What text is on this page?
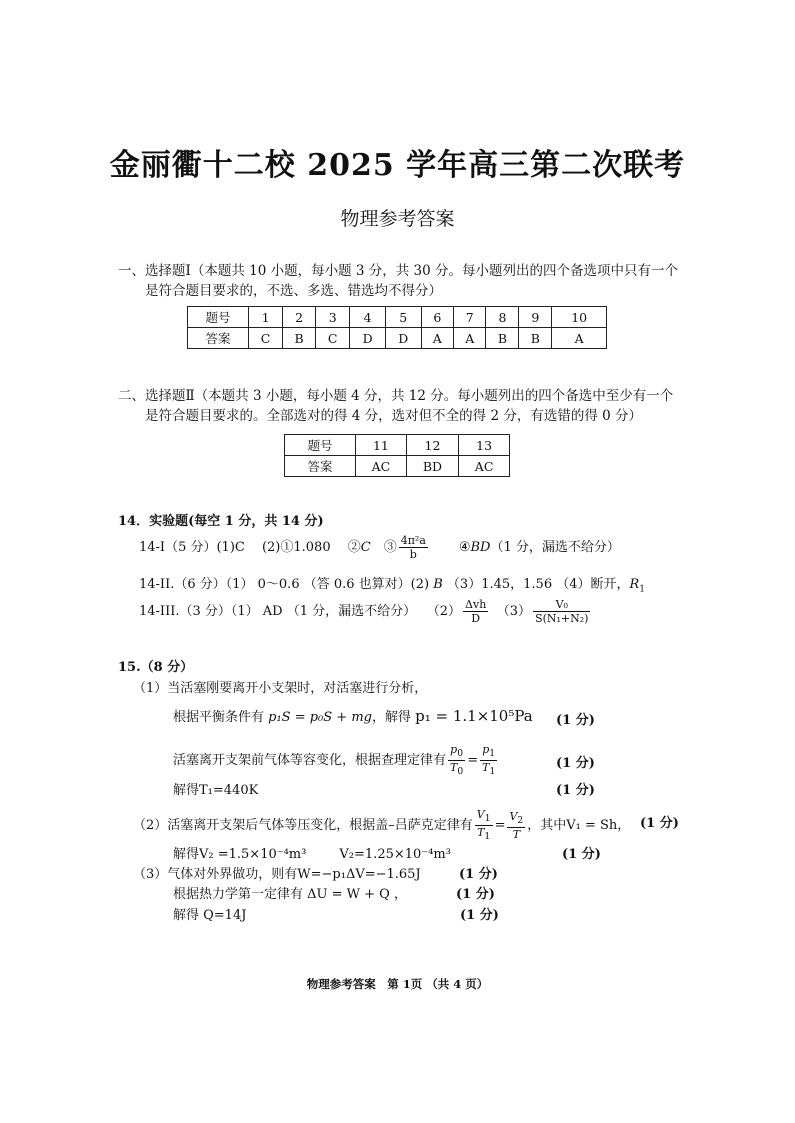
金丽衢十二校 2025 学年高三第二次联考
物理参考答案
一、选择题Ⅰ（本题共 10 小题，每小题 3 分，共 30 分。每小题列出的四个备选项中只有一个
是符合题目要求的，不选、多选、错选均不得分）
题号	1	2	3	4	5	6	7	8	9	10
答案	C	B	C	D	D	A	A	B	B	A
二、选择题Ⅱ（本题共 3 小题，每小题 4 分，共 12 分。每小题列出的四个备选中至少有一个
是符合题目要求的。全部选对的得 4 分，选对但不全的得 2 分，有选错的得 0 分）
题号	11	12	13
答案	AC	BD	AC
14．实验题(每空 1 分，共 14 分)
14-I（5 分）(1)C　 (2)①1.080　 ②C　③ $\frac{\text{4π²a}}{b}$ ④BD（1 分，漏选不给分）
14-II.（6 分）（1） 0～0.6 （答 0.6 也算对）(2) B （3）1.45，1.56 （4）断开，$R_1$
14-III.（3 分）（1） AD （1 分，漏选不给分）　 $(2) \frac{\text{Δvh}}{D}$ 　$(3) \frac{\text{V₀}}{\text{S(N₁+N₂)}}$
15.（8 分）
（1）当活塞刚要离开小支架时，对活塞进行分析，
根据平衡条件有 p₁S = p₀S + mg，解得 p₁ = 1.1×10⁵Pa (1 分)
活塞离开支架前气体等容变化，根据查理定律有 $\frac{p_0}{T_0} = \frac{p_1}{T_1}$	(1 分)
解得T₁=440K	(1 分)
（2）活塞离开支架后气体等压变化，根据盖–吕萨克定律有 $\frac{V_1}{T_1} = \frac{V_2}{T}$ ，其中V₁ = Sh， (1 分)
解得V₂ =1.5×10⁻⁴m³	V₂=1.25×10⁻⁴m³	(1 分)
（3）气体对外界做功，则有W=−p₁ΔV=−1.65J	(1 分)
根据热力学第一定律有 ΔU = W + Q ，	(1 分)
解得 Q=14J	(1 分)
物理参考答案　第 1页 （共 4 页）
